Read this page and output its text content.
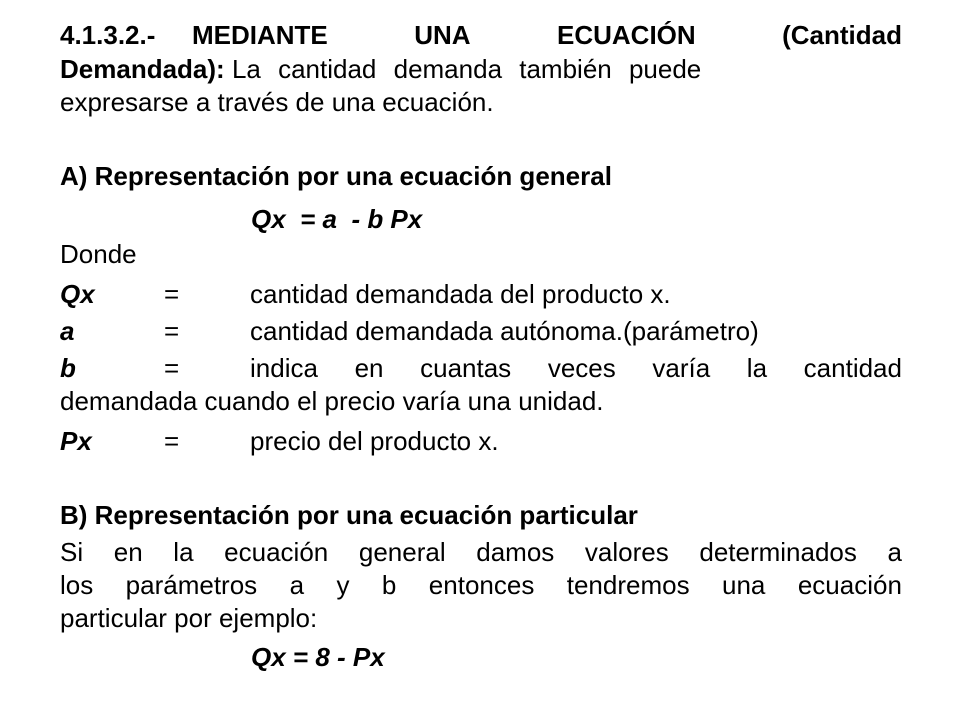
4.1.3.2.- MEDIANTE	UNA	ECUACIÓN	(Cantidad
Demandada): La cantidad demanda también puede
expresarse a través de una ecuación.
A) Representación por una ecuación general
Qx  = a  - b Px
Donde
Qx	=	cantidad demandada del producto x.
a	=	cantidad demandada autónoma.(parámetro)
b	=	indica en cuantas veces varía la cantidad
demandada cuando el precio varía una unidad.
Px	=	precio del producto x.
B) Representación por una ecuación particular
Si en la ecuación general damos valores determinados a
los parámetros a y b entonces tendremos una ecuación
particular por ejemplo:
Qx = 8 - Px
